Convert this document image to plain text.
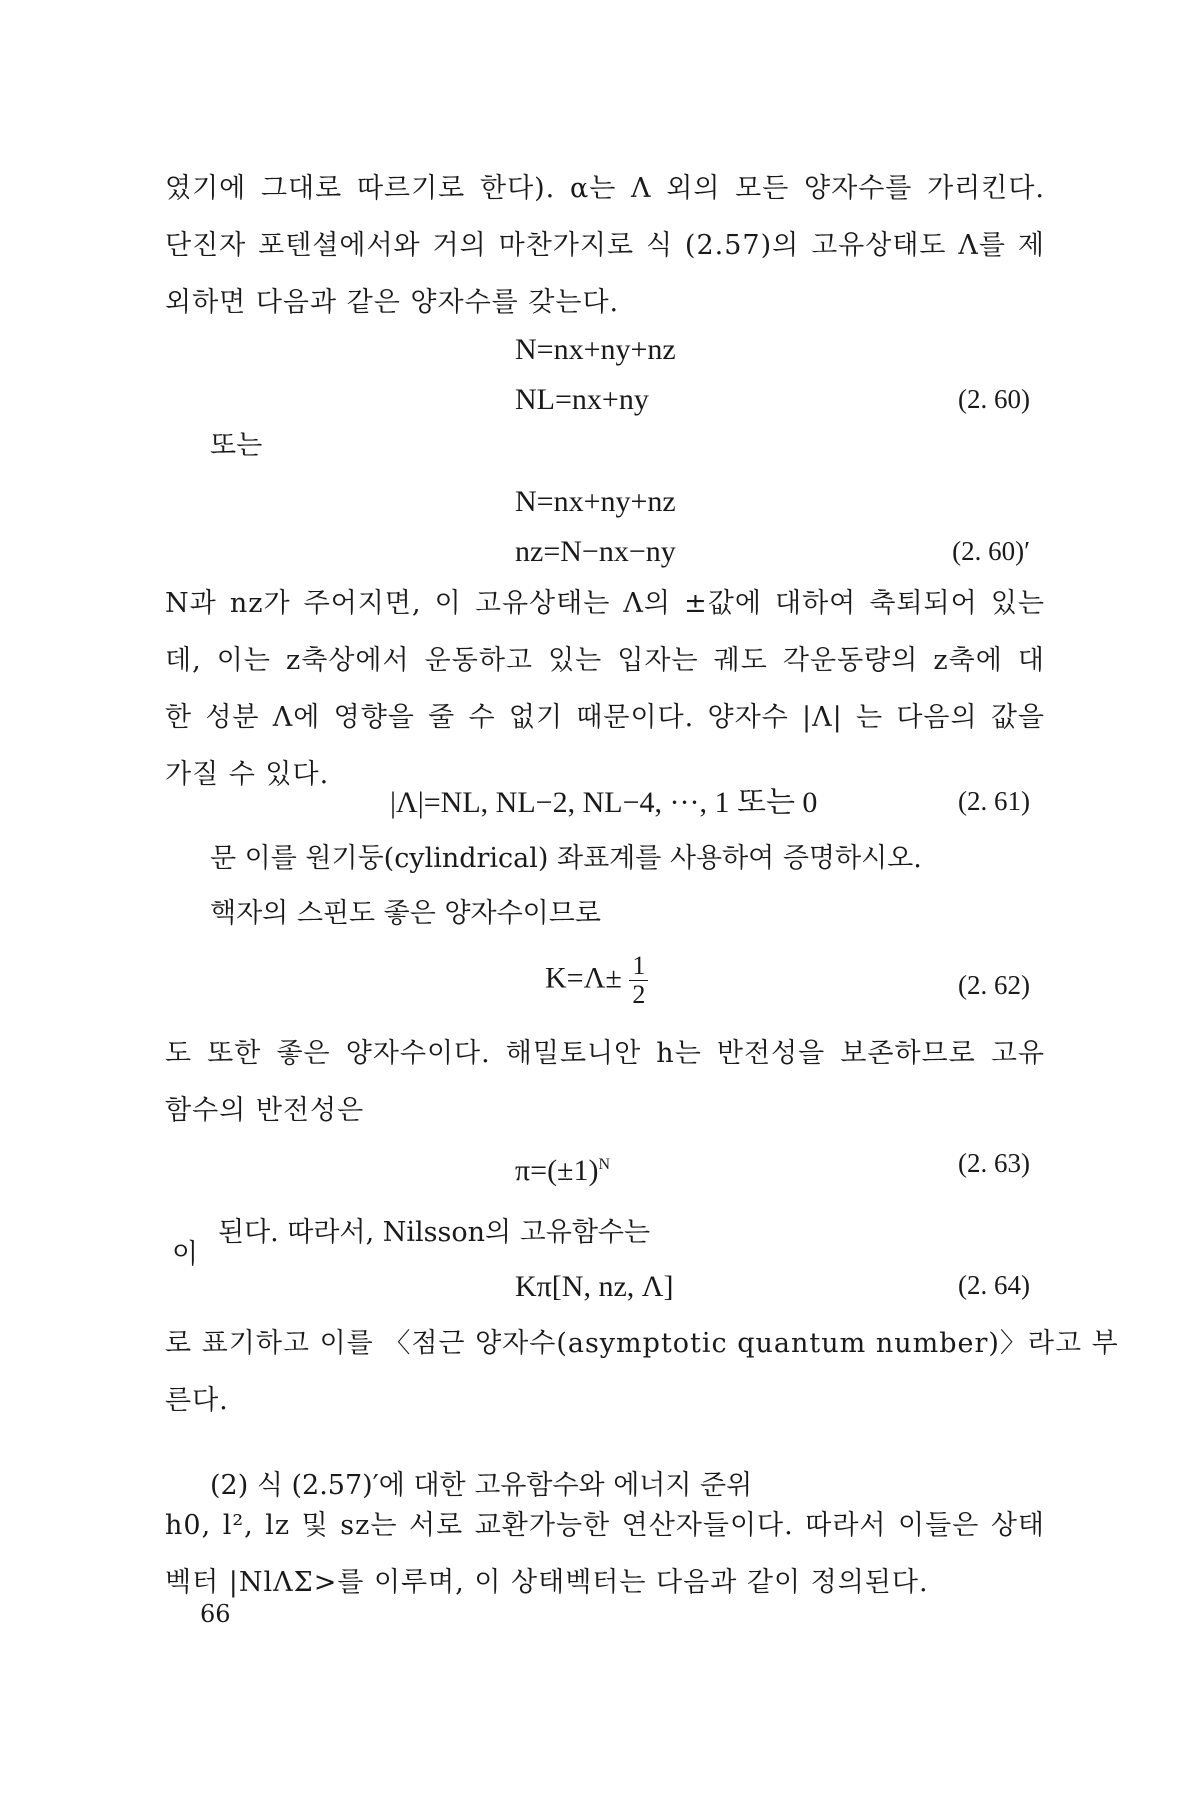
였기에 그대로 따르기로 한다). α는 Λ 외의 모든 양자수를 가리킨다.
단진자 포텐셜에서와 거의 마찬가지로 식 (2.57)의 고유상태도 Λ를 제
외하면 다음과 같은 양자수를 갖는다.
N=nx+ny+nz
NL=nx+ny	(2. 60)
또는
N=nx+ny+nz
nz=N−nx−ny	(2. 60)′
N과 nz가 주어지면, 이 고유상태는 Λ의 ±값에 대하여 축퇴되어 있는
데, 이는 z축상에서 운동하고 있는 입자는 궤도 각운동량의 z축에 대
한 성분 Λ에 영향을 줄 수 없기 때문이다. 양자수 |Λ| 는 다음의 값을
가질 수 있다.
|Λ|=NL, NL−2, NL−4, ···, 1 또는 0	(2. 61)
문 이를 원기둥(cylindrical) 좌표계를 사용하여 증명하시오.
핵자의 스핀도 좋은 양자수이므로
$K=\Lambda\pm \frac{1}{2}$	(2. 62)
도 또한 좋은 양자수이다. 해밀토니안 h는 반전성을 보존하므로 고유
함수의 반전성은
$\pi=(\pm 1)^N$	(2. 63)
이
된다. 따라서, Nilsson의 고유함수는
Kπ[N, nz, Λ]	(2. 64)
로 표기하고 이를 〈점근 양자수(asymptotic quantum number)〉라고 부
른다.
(2) 식 (2.57)′에 대한 고유함수와 에너지 준위
h0, l², lz 및 sz는 서로 교환가능한 연산자들이다. 따라서 이들은 상태
벡터 |NlΛΣ>를 이루며, 이 상태벡터는 다음과 같이 정의된다.
66
